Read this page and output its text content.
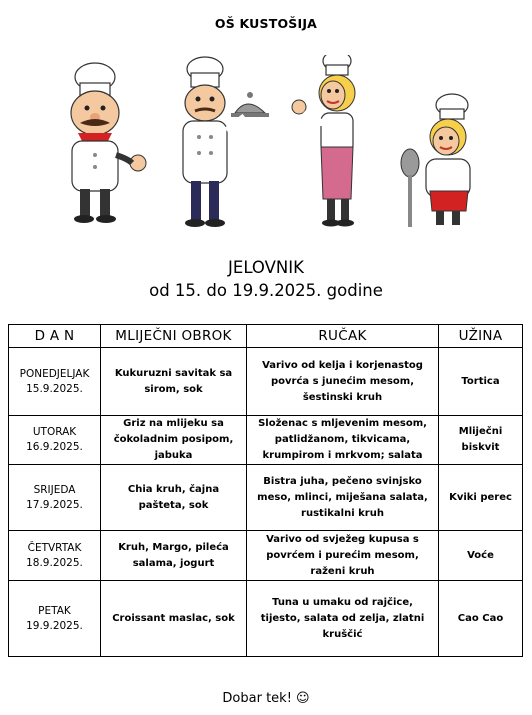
OŠ KUSTOŠIJA
JELOVNIK
od 15. do 19.9.2025. godine
D A N	MLIJEČNI OBROK	RUČAK	UŽINA

PONEDJELJAK
15.9.2025.	Kukuruzni savitak sa sirom, sok	Varivo od kelja i korjenastog povrća s junećim mesom, šestinski kruh	Tortica

UTORAK
16.9.2025.	Griz na mlijeku sa čokoladnim posipom, jabuka	Složenac s mljevenim mesom, patlidžanom, tikvicama, krumpirom i mrkvom; salata	Mliječni biskvit

SRIJEDA
17.9.2025.	Chia kruh, čajna pašteta, sok	Bistra juha, pečeno svinjsko meso, mlinci, miješana salata, rustikalni kruh	Kviki perec

ČETVRTAK
18.9.2025.	Kruh, Margo, pileća salama, jogurt	Varivo od svježeg kupusa s povrćem i purećim mesom, raženi kruh	Voće

PETAK
19.9.2025.	Croissant maslac, sok	Tuna u umaku od rajčice, tijesto, salata od zelja, zlatni kruščić	Cao Cao
Dobar tek! ☺
